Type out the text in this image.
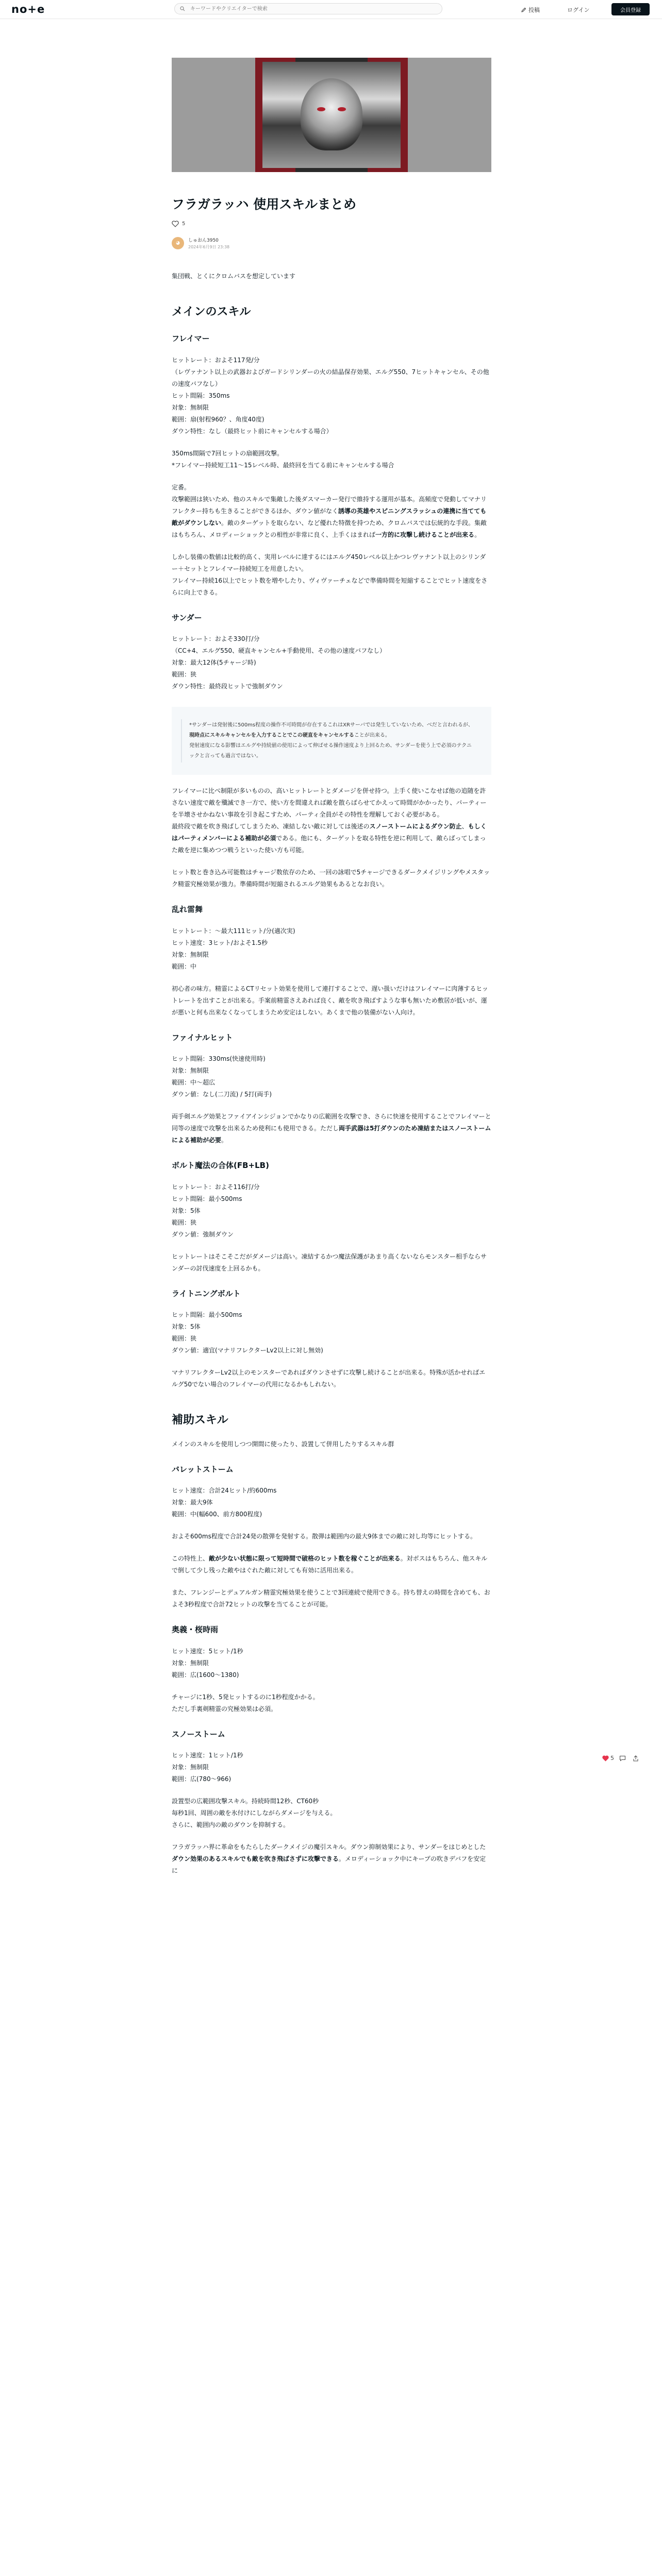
no+e
キーワードやクリエイターで検索	投稿	ログイン	会員登録
フラガラッハ 使用スキルまとめ
5
◕	しゅおん3950
2024年6月9日 23:38

集団戦、とくにクロムバスを想定しています

メインのスキル
フレイマー

ヒットレート：およそ117発/分

（レヴァナント以上の武器およびガードシリンダーの火の結晶保存効果、エルグ550、7ヒットキャンセル、その他の速度バフなし）

ヒット間隔：350ms

対象：無制限

範囲：扇(射程960？、角度40度)

ダウン特性：なし（最終ヒット前にキャンセルする場合）

350ms間隔で7回ヒットの扇範囲攻撃。

*フレイマー持続短工11～15レベル時、最終回を当てる前にキャンセルする場合

定番。

攻撃範囲は狭いため、他のスキルで集敵した後ダスマーカー発行で維持する運用が基本。高頻度で発動してマナリフレクター持ちも生きることができるほか、ダウン値がなく誘導の英雄やスピニングスラッシュの連携に当てても敵がダウンしない。敵のターゲットを取らない、など優れた特徴を持つため、クロムバスでは伝統的な手段。集敵はもちろん、メロディーショックとの相性が非常に良く、上手くはまれば一方的に攻撃し続けることが出来る。

しかし装備の数値は比較的高く、実用レベルに達するにはエルグ450レベル以上かつレヴァナント以上のシリンダー＋セットとフレイマー持続短工を用意したい。

フレイマー持続16以上でヒット数を増やしたり、ヴィヴァーチェなどで準備時間を短縮することでヒット速度をさらに向上できる。

サンダー

ヒットレート：およそ330打/分

（CC+4、エルグ550、硬直キャンセル+手動使用、その他の速度バフなし）

対象：最大12体(5チャージ時)

範囲：狭

ダウン特性：最終段ヒットで強制ダウン

*サンダーは発射後に500ms程度の操作不可時間が存在するこれはXRサーバでは発生していないため、べだと言われるが、現時点にスキルキャンセルを入力することでこの硬直をキャンセルすることが出来る。
発射速度になる影響はエルグや持続値の使用によって伸ばせる操作速度より上回るため、サンダーを使う上で必須のテクニックと言っても過言ではない。

フレイマーに比べ制限が多いものの、高いヒットレートとダメージを併せ持つ。上手く使いこなせば他の追随を許さない速度で敵を殲滅でき一方で、使い方を間違えれば敵を散らばらせてかえって時間がかかったり、パーティーを半壊させかねない事故を引き起こすため、パーティ全員がその特性を理解しておく必要がある。

最終段で敵を吹き飛ばしてしまうため、凍結しない敵に対しては後述のスノーストームによるダウン防止、もしくはパーティメンバーによる補助が必須である。他にも、ターゲットを取る特性を逆に利用して、敵らばってしまった敵を逆に集めつつ戦うといった使い方も可能。

ヒット数と巻き込み可能数はチャージ数依存のため、一回の詠唱で5チャージできるダークメイジリングやメスタック精霊究極効果が強力。準備時間が短縮されるエルグ効果もあるとなお良い。

乱れ雷舞

ヒットレート：～最大111ヒット/分(適次実)

ヒット速度：3ヒット/およそ1.5秒

対象：無制限

範囲：中

初心者の味方。精霊によるCTリセット効果を使用して連打することで、遅い扱いだけはフレイマーに肉薄するヒットレートを出すことが出来る。手案前精霊さえあれば良く、敵を吹き飛ばすような事も無いため敷居が低いが、運が悪いと何も出来なくなってしまうため安定はしない。あくまで他の装備がない人向け。

ファイナルヒット

ヒット間隔：330ms(快速使用時)

対象：無制限

範囲：中～超広

ダウン値：なし(二刀流) / 5打(両手)

両手剣エルグ効果とファイアインシジョンでかなりの広範囲を攻撃でき、さらに快速を使用することでフレイマーと同等の速度で攻撃を出来るため使利にも使用できる。ただし両手武器は5打ダウンのため凍結またはスノーストームによる補助が必要。

ボルト魔法の合体(FB+LB)

ヒットレート：およそ116打/分

ヒット間隔：最小500ms

対象：5体

範囲：狭

ダウン値：強制ダウン

ヒットレートはそこそこだがダメージは高い。凍結するかつ魔法保護があまり高くないならモンスター相手ならサンダーの討伐速度を上回るかも。

ライトニングボルト

ヒット間隔：最小500ms

対象：5体

範囲：狭

ダウン値：適宜(マナリフレクターLv2以上に対し無効)

マナリフレクターLv2以上のモンスターであればダウンさせずに攻撃し続けることが出来る。特殊が活かせればエルグ50でない場合のフレイマーの代用になるかもしれない。

補助スキル

メインのスキルを使用しつつ開間に使ったり、設置して併用したりするスキル群

バレットストーム

ヒット速度：合計24ヒット/約600ms

対象：最大9体

範囲：中(幅600、前方800程度)

およそ600ms程度で合計24発の散弾を発射する。散弾は範囲内の最大9体までの敵に対し均等にヒットする。

この特性上、敵が少ない状態に限って短時間で破格のヒット数を稼ぐことが出来る。対ボスはもちろん、他スキルで倒して少し残った敵やはぐれた敵に対しても有効に活用出来る。

また、フレンジーとデュアルガン精霊究極効果を使うことで3回連続で使用できる。持ち替えの時間を含めても、およそ3秒程度で合計72ヒットの攻撃を当てることが可能。

奥義・桜時雨

ヒット速度：5ヒット/1秒

対象：無制限

範囲：広(1600～1380)

チャージに1秒、5発ヒットするのに1秒程度かかる。

ただし手裏剣精霊の究極効果は必須。

スノーストーム

ヒット速度：1ヒット/1秒

対象：無制限

範囲：広(780～966)

設置型の広範囲攻撃スキル。持続時間12秒、CT60秒

毎秒1回、周囲の敵を氷付けにしながらダメージを与える。

さらに、範囲内の敵のダウンを抑制する。

フラガラッハ界に革命をもたらしたダークメイジの魔引スキル。ダウン抑制効果により、サンダーをはじめとしたダウン効果のあるスキルでも敵を吹き飛ばさずに攻撃できる。メロディーショック中にキープの吹きデバフを安定に

5
